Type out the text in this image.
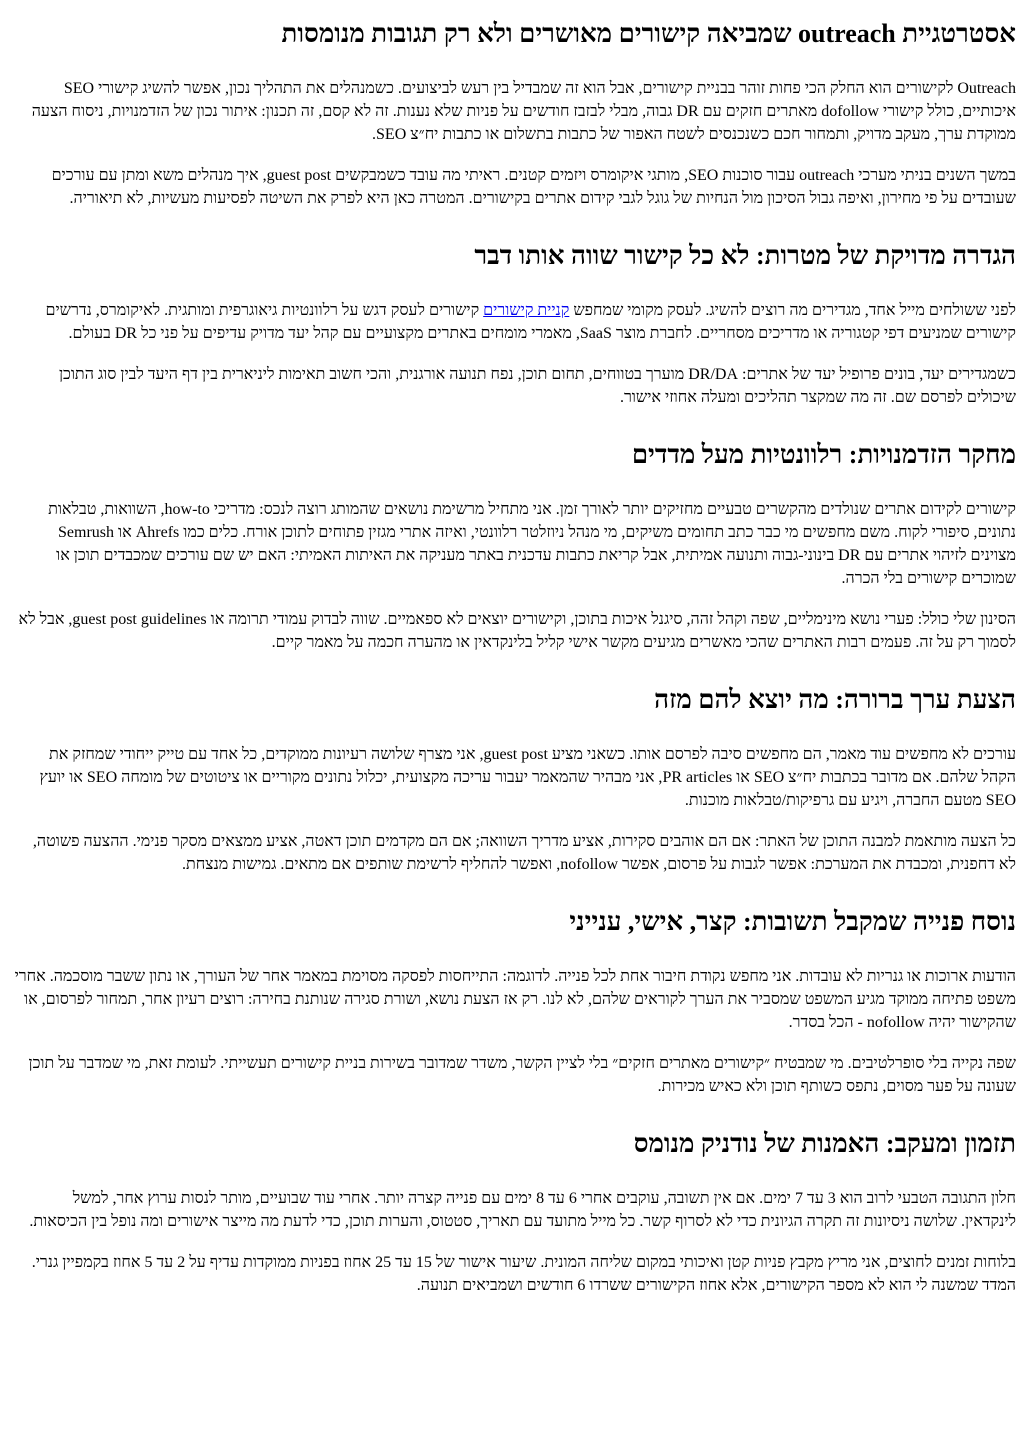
אסטרטגיית outreach שמביאה קישורים מאושרים ולא רק תגובות מנומסות

Outreach לקישורים הוא החלק הכי פחות זוהר בבניית קישורים, אבל הוא זה שמבדיל בין רעש לביצועים. כשמנהלים את התהליך נכון, אפשר להשיג קישורי SEO איכותיים, כולל קישורי dofollow מאתרים חזקים עם DR גבוה, מבלי לבזבז חודשים על פניות שלא נענות. זה לא קסם, זה תכנון: איתור נכון של הזדמנויות, ניסוח הצעה ממוקדת ערך, מעקב מדויק, ותמחור חכם כשנכנסים לשטח האפור של כתבות בתשלום או כתבות יח״צ SEO.

במשך השנים בניתי מערכי outreach עבור סוכנות SEO, מותגי איקומרס ויזמים קטנים. ראיתי מה עובד כשמבקשים guest post, איך מנהלים משא ומתן עם עורכים שעובדים על פי מחירון, ואיפה גבול הסיכון מול הנחיות של גוגל לגבי קידום אתרים בקישורים. המטרה כאן היא לפרק את השיטה לפסיעות מעשיות, לא תיאוריה.

הגדרה מדויקת של מטרות: לא כל קישור שווה אותו דבר

לפני ששולחים מייל אחד, מגדירים מה רוצים להשיג. לעסק מקומי שמחפש קניית קישורים קישורים לעסק דגש על רלוונטיות גיאוגרפית ומותגית. לאיקומרס, נדרשים קישורים שמניעים דפי קטגוריה או מדריכים מסחריים. לחברת מוצר SaaS, מאמרי מומחים באתרים מקצועיים עם קהל יעד מדויק עדיפים על פני כל DR בעולם.

כשמגדירים יעד, בונים פרופיל יעד של אתרים: DR/DA מוערך בטווחים, תחום תוכן, נפח תנועה אורגנית, והכי חשוב תאימות ליניארית בין דף היעד לבין סוג התוכן שיכולים לפרסם שם. זה מה שמקצר תהליכים ומעלה אחוזי אישור.

מחקר הזדמנויות: רלוונטיות מעל מדדים

קישורים לקידום אתרים שנולדים מהקשרים טבעיים מחזיקים יותר לאורך זמן. אני מתחיל מרשימת נושאים שהמותג רוצה לנכס: מדריכי how-to, השוואות, טבלאות נתונים, סיפורי לקוח. משם מחפשים מי כבר כתב תחומים משיקים, מי מנהל ניוזלטר רלוונטי, ואיזה אתרי מגזין פתוחים לתוכן אורח. כלים כמו Ahrefs או Semrush מצוינים לזיהוי אתרים עם DR בינוני-גבוה ותנועה אמיתית, אבל קריאת כתבות עדכנית באתר מעניקה את האיתות האמיתי: האם יש שם עורכים שמכבדים תוכן או שמוכרים קישורים בלי הכרה.

הסינון שלי כולל: פערי נושא מינימליים, שפה וקהל זהה, סיגנל איכות בתוכן, וקישורים יוצאים לא ספאמיים. שווה לבדוק עמודי תרומה או guest post guidelines, אבל לא לסמוך רק על זה. פעמים רבות האתרים שהכי מאשרים מגיעים מקשר אישי קליל בלינקדאין או מהערה חכמה על מאמר קיים.

הצעת ערך ברורה: מה יוצא להם מזה

עורכים לא מחפשים עוד מאמר, הם מחפשים סיבה לפרסם אותו. כשאני מציע guest post, אני מצרף שלושה רעיונות ממוקדים, כל אחד עם טייק ייחודי שמחזק את הקהל שלהם. אם מדובר בכתבות יח״צ SEO או PR articles, אני מבהיר שהמאמר יעבור עריכה מקצועית, יכלול נתונים מקוריים או ציטוטים של מומחה SEO או יועץ SEO מטעם החברה, ויגיע עם גרפיקות/טבלאות מוכנות.

כל הצעה מותאמת למבנה התוכן של האתר: אם הם אוהבים סקירות, אציע מדריך השוואה; אם הם מקדמים תוכן דאטה, אציע ממצאים מסקר פנימי. ההצעה פשוטה, לא דחפנית, ומכבדת את המערכת: אפשר לגבות על פרסום, אפשר nofollow, ואפשר להחליף לרשימת שותפים אם מתאים. גמישות מנצחת.

נוסח פנייה שמקבל תשובות: קצר, אישי, ענייני

הודעות ארוכות או גנריות לא עובדות. אני מחפש נקודת חיבור אחת לכל פנייה. לדוגמה: התייחסות לפסקה מסוימת במאמר אחר של העורך, או נתון ששבר מוסכמה. אחרי משפט פתיחה ממוקד מגיע המשפט שמסביר את הערך לקוראים שלהם, לא לנו. רק אז הצעת נושא, ושורת סגירה שנותנת בחירה: רוצים רעיון אחר, תמחור לפרסום, או שהקישור יהיה nofollow - הכל בסדר.

שפה נקייה בלי סופרלטיבים. מי שמבטיח ״קישורים מאתרים חזקים״ בלי לציין הקשר, משדר שמדובר בשירות בניית קישורים תעשייתי. לעומת זאת, מי שמדבר על תוכן שעונה על פער מסוים, נתפס כשותף תוכן ולא כאיש מכירות.

תזמון ומעקב: האמנות של נודניק מנומס

חלון התגובה הטבעי לרוב הוא 3 עד 7 ימים. אם אין תשובה, עוקבים אחרי 6 עד 8 ימים עם פנייה קצרה יותר. אחרי עוד שבועיים, מותר לנסות ערוץ אחר, למשל לינקדאין. שלושה ניסיונות זה תקרה הגיונית כדי לא לסרוף קשר. כל מייל מתועד עם תאריך, סטטוס, והערות תוכן, כדי לדעת מה מייצר אישורים ומה נופל בין הכיסאות.

בלוחות זמנים לחוצים, אני מריץ מקבץ פניות קטן ואיכותי במקום שליחה המונית. שיעור אישור של 15 עד 25 אחוז בפניות ממוקדות עדיף על 2 עד 5 אחוז בקמפיין גנרי. המדד שמשנה לי הוא לא מספר הקישורים, אלא אחוז הקישורים ששרדו 6 חודשים ושמביאים תנועה.
